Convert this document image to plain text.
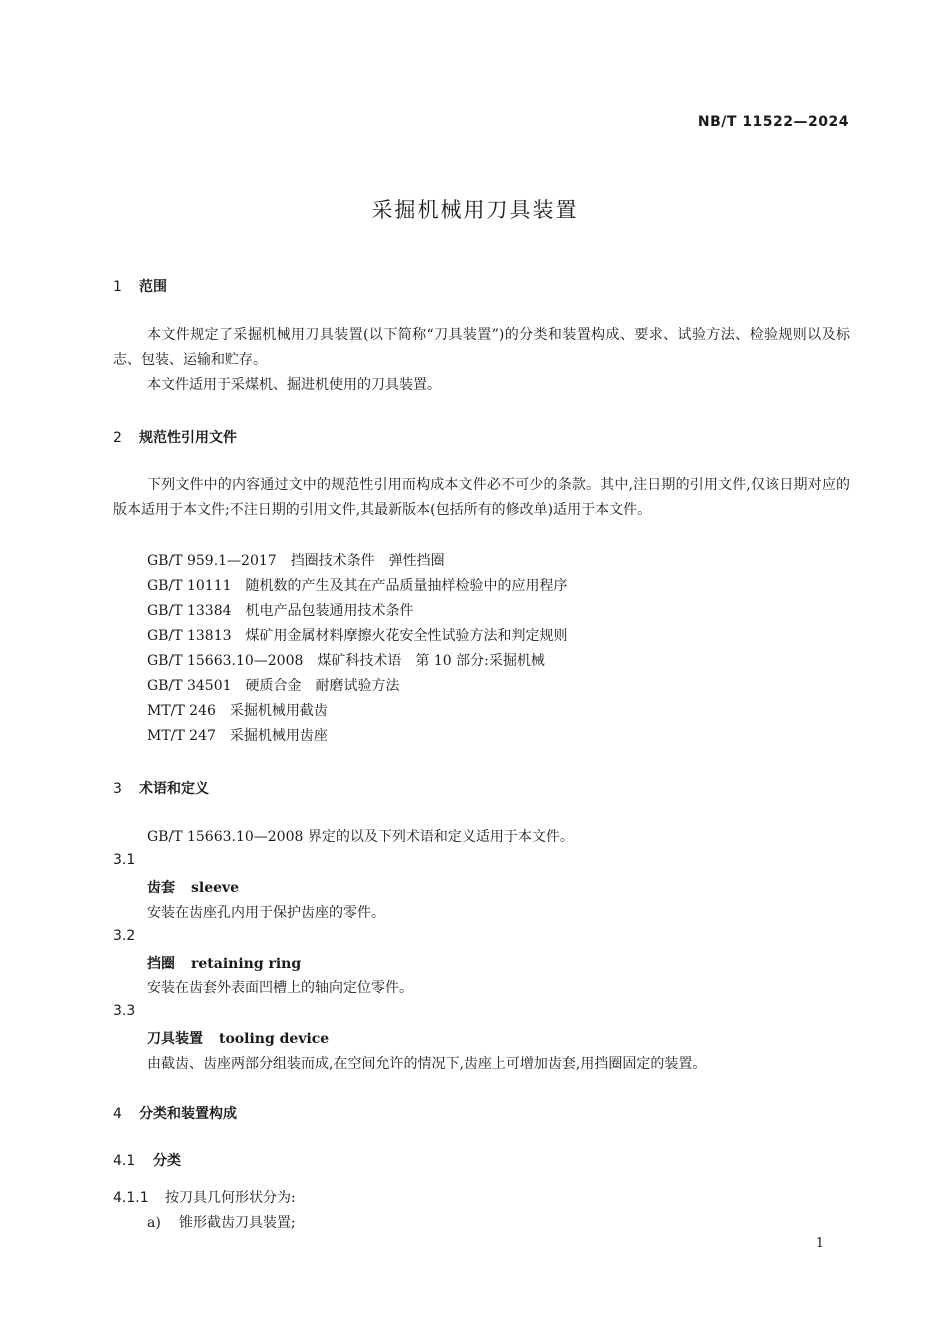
NB/T 11522—2024
采掘机械用刀具装置
1 范围
本文件规定了采掘机械用刀具装置(以下简称“刀具装置”)的分类和装置构成、要求、试验方法、检验规则以及标志、包装、运输和贮存。
本文件适用于采煤机、掘进机使用的刀具装置。
2 规范性引用文件
下列文件中的内容通过文中的规范性引用而构成本文件必不可少的条款。其中,注日期的引用文件,仅该日期对应的版本适用于本文件;不注日期的引用文件,其最新版本(包括所有的修改单)适用于本文件。
GB/T 959.1—2017 挡圈技术条件　弹性挡圈
GB/T 10111 随机数的产生及其在产品质量抽样检验中的应用程序
GB/T 13384 机电产品包装通用技术条件
GB/T 13813 煤矿用金属材料摩擦火花安全性试验方法和判定规则
GB/T 15663.10—2008 煤矿科技术语　第 10 部分:采掘机械
GB/T 34501 硬质合金　耐磨试验方法
MT/T 246 采掘机械用截齿
MT/T 247 采掘机械用齿座
3 术语和定义
GB/T 15663.10—2008 界定的以及下列术语和定义适用于本文件。
3.1
齿套 sleeve
安装在齿座孔内用于保护齿座的零件。
3.2
挡圈 retaining ring
安装在齿套外表面凹槽上的轴向定位零件。
3.3
刀具装置 tooling device
由截齿、齿座两部分组装而成,在空间允许的情况下,齿座上可增加齿套,用挡圈固定的装置。
4 分类和装置构成
4.1 分类
4.1.1 按刀具几何形状分为:
a) 锥形截齿刀具装置;
1
